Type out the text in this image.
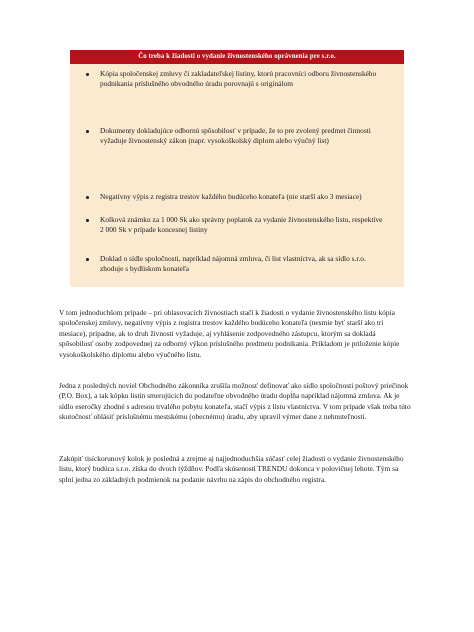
Čo treba k žiadosti o vydanie živnostenského oprávnenia pre s.r.o.
Kópia spoločenskej zmluvy či zakladateľskej listiny, ktorú pracovníci odboru živnostenského podnikania príslušného obvodného úradu porovnajú s originálom
Dokumenty dokladujúce odbornú spôsobilosť v prípade, že to pre zvolený predmet činnosti vyžaduje živnostenský zákon (napr. vysokoškolský diplom alebo výučný list)
Negatívny výpis z registra trestov každého budúceho konateľa (nie starší ako 3 mesiace)
Kolková známku za 1 000 Sk ako správny poplatok za vydanie živnostenského listu, respektíve 2 000 Sk v prípade koncesnej listiny
Doklad o sídle spoločnosti, napríklad nájomná zmluva, či list vlastníctva, ak sa sídlo s.r.o. zhoduje s bydliskom konateľa

V tom jednoduchšom prípade – pri ohlasovacích živnostiach stačí k žiadosti o vydanie živnostenského listu kópia spoločenskej zmluvy, negatívny výpis z registra trestov každého budúceho konateľa (nesmie byť starší ako tri mesiace), prípadne, ak to druh živnosti vyžaduje, aj vyhlásenie zodpovedného zástupcu, ktorým sa dokladá spôsobilosť osoby zodpovednej za odborný výkon príslušného predmetu podnikania. Príkladom je priloženie kópie vysokoškolského diplomu alebo výučného listu.

Jedna z posledných noviel Obchodného zákonníka zrušila možnosť definovať ako sídlo spoločnosti poštový priečinok (P.O. Box), a tak kópku listín smerujúcich do podateľne obvodného úradu dopĺňa napríklad nájomná zmluva. Ak je sídlo eseročky zhodné s adresou trvalého pobytu konateľa, stačí výpis z listu vlastníctva. V tom prípade však treba túto skutočnosť ohlásiť príslušnému mestskému (obecnému) úradu, aby upravil výmer dane z nehnuteľností.

Zakúpiť tisíckorunový kolok je posledná a zrejme aj najjednoduchšia súčasť celej žiadosti o vydanie živnostenského listu, ktorý budúca s.r.o. získa do dvoch týždňov. Podľa skúseností TRENDU dokonca v polovičnej lehote. Tým sa splní jedna zo základných podmienok na podanie návrhu na zápis do obchodného registra.
